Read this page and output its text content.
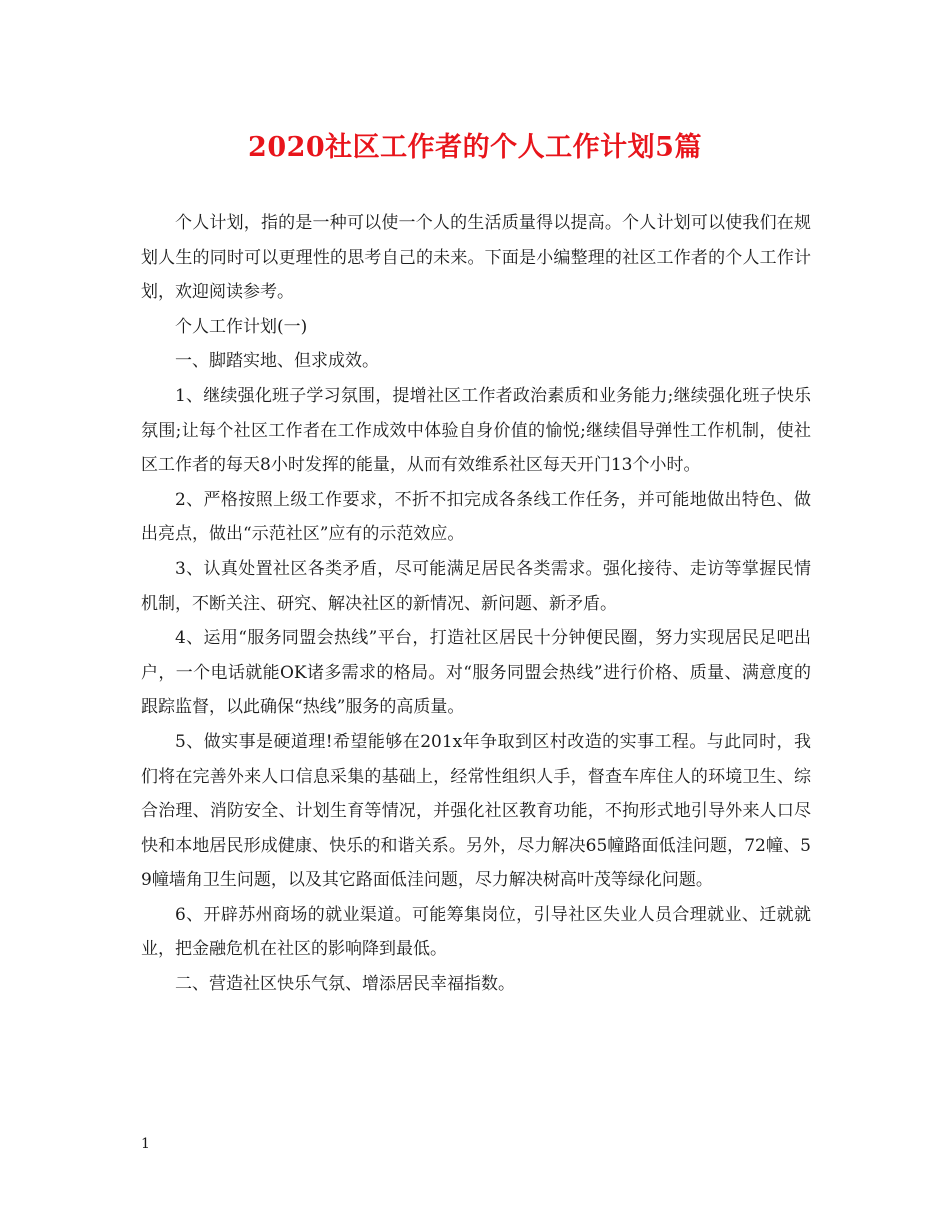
2020社区工作者的个人工作计划5篇

个人计划，指的是一种可以使一个人的生活质量得以提高。个人计划可以使我们在规划人生的同时可以更理性的思考自己的未来。下面是小编整理的社区工作者的个人工作计划，欢迎阅读参考。

个人工作计划(一)

一、脚踏实地、但求成效。

1、继续强化班子学习氛围，提增社区工作者政治素质和业务能力;继续强化班子快乐氛围;让每个社区工作者在工作成效中体验自身价值的愉悦;继续倡导弹性工作机制，使社区工作者的每天8小时发挥的能量，从而有效维系社区每天开门13个小时。

2、严格按照上级工作要求，不折不扣完成各条线工作任务，并可能地做出特色、做出亮点，做出“示范社区”应有的示范效应。

3、认真处置社区各类矛盾，尽可能满足居民各类需求。强化接待、走访等掌握民情机制，不断关注、研究、解决社区的新情况、新问题、新矛盾。

4、运用“服务同盟会热线”平台，打造社区居民十分钟便民圈，努力实现居民足吧出户，一个电话就能OK诸多需求的格局。对“服务同盟会热线”进行价格、质量、满意度的跟踪监督，以此确保“热线”服务的高质量。

5、做实事是硬道理!希望能够在201x年争取到区村改造的实事工程。与此同时，我们将在完善外来人口信息采集的基础上，经常性组织人手，督查车库住人的环境卫生、综合治理、消防安全、计划生育等情况，并强化社区教育功能，不拘形式地引导外来人口尽快和本地居民形成健康、快乐的和谐关系。另外，尽力解决65幢路面低洼问题，72幢、59幢墙角卫生问题，以及其它路面低洼问题，尽力解决树高叶茂等绿化问题。

6、开辟苏州商场的就业渠道。可能筹集岗位，引导社区失业人员合理就业、迁就就业，把金融危机在社区的影响降到最低。

二、营造社区快乐气氛、增添居民幸福指数。

1
